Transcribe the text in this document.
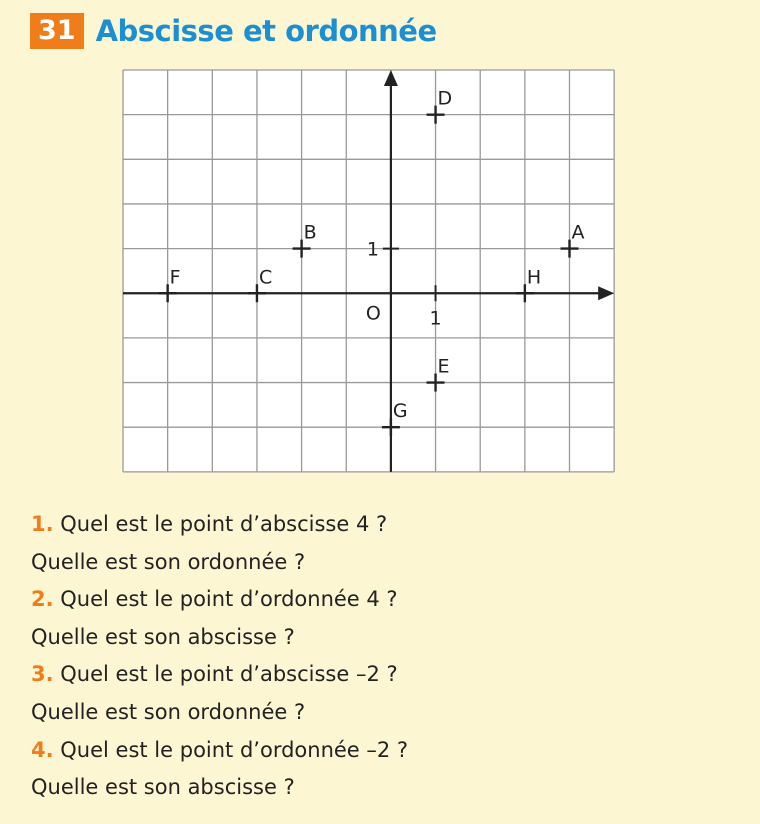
31 Abscisse et ordonnée
1
1
O
A
B
C
D
E
F
G
H
1. Quel est le point d’abscisse 4 ?
Quelle est son ordonnée ?
2. Quel est le point d’ordonnée 4 ?
Quelle est son abscisse ?
3. Quel est le point d’abscisse –2 ?
Quelle est son ordonnée ?
4. Quel est le point d’ordonnée –2 ?
Quelle est son abscisse ?
